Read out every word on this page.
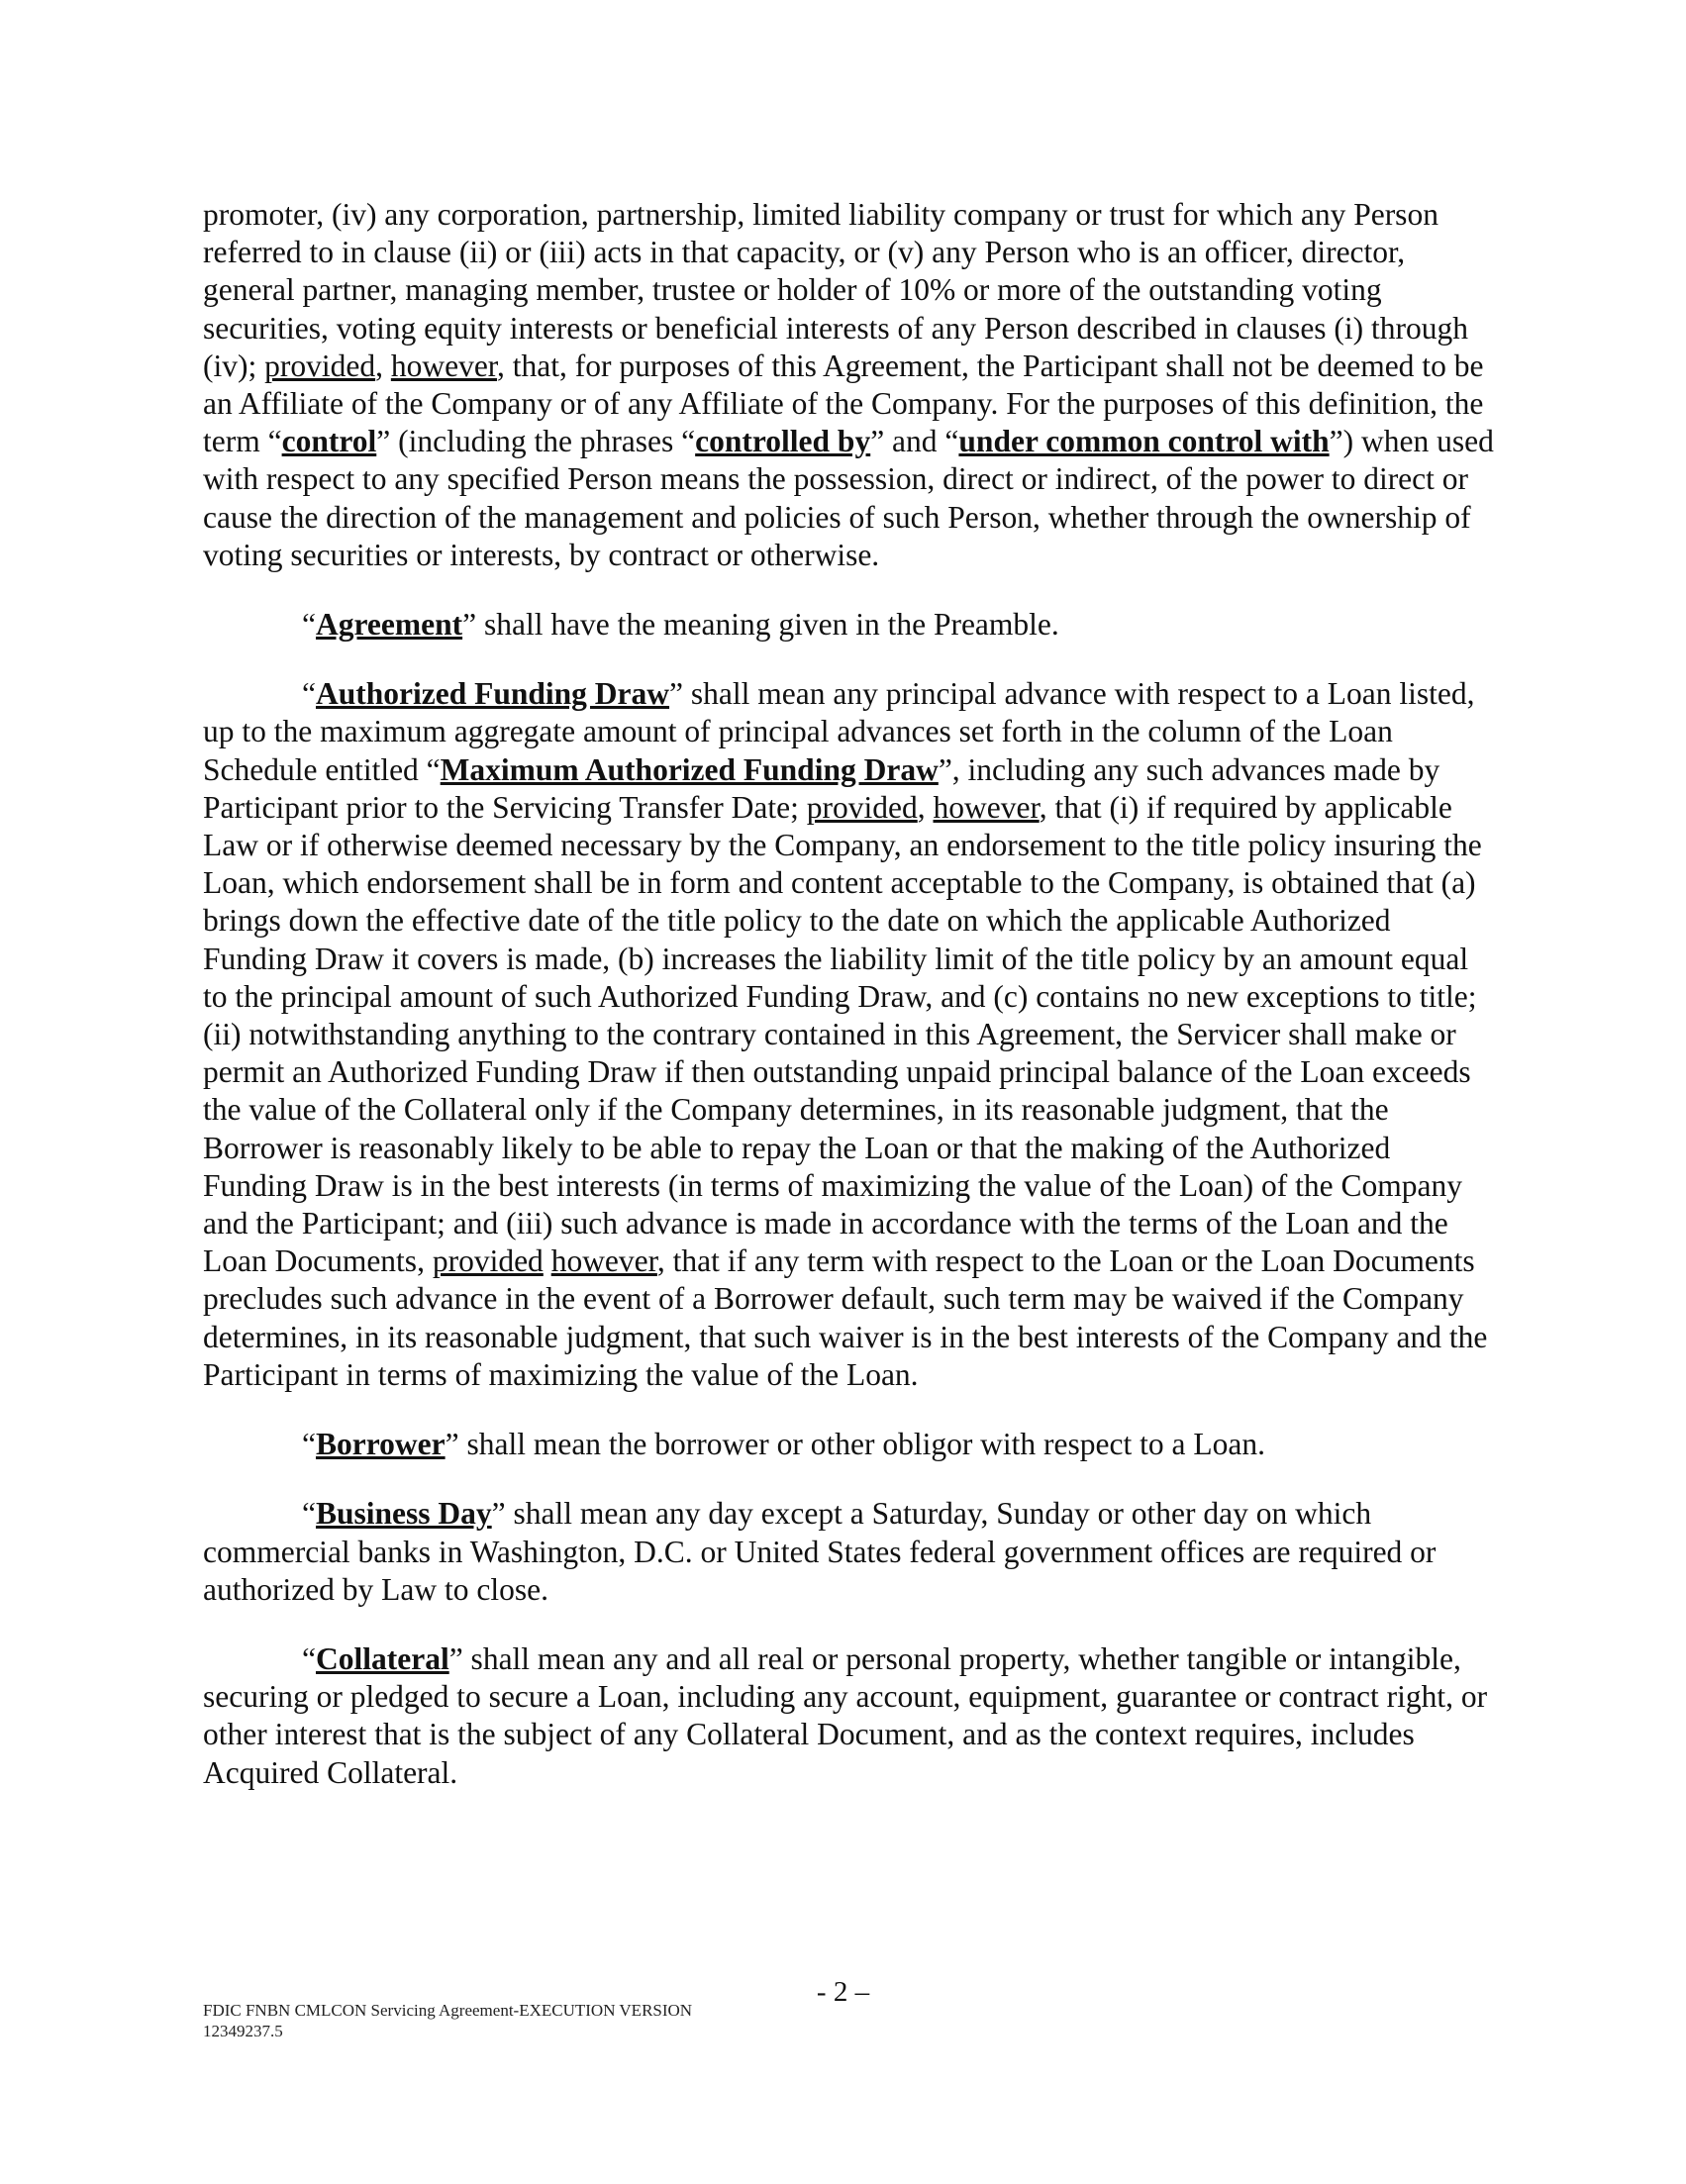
promoter, (iv) any corporation, partnership, limited liability company or trust for which any Person referred to in clause (ii) or (iii) acts in that capacity, or (v) any Person who is an officer, director, general partner, managing member, trustee or holder of 10% or more of the outstanding voting securities, voting equity interests or beneficial interests of any Person described in clauses (i) through (iv); provided, however, that, for purposes of this Agreement, the Participant shall not be deemed to be an Affiliate of the Company or of any Affiliate of the Company. For the purposes of this definition, the term “control” (including the phrases “controlled by” and “under common control with”) when used with respect to any specified Person means the possession, direct or indirect, of the power to direct or cause the direction of the management and policies of such Person, whether through the ownership of voting securities or interests, by contract or otherwise.

“Agreement” shall have the meaning given in the Preamble.

“Authorized Funding Draw” shall mean any principal advance with respect to a Loan listed, up to the maximum aggregate amount of principal advances set forth in the column of the Loan Schedule entitled “Maximum Authorized Funding Draw”, including any such advances made by Participant prior to the Servicing Transfer Date; provided, however, that (i) if required by applicable Law or if otherwise deemed necessary by the Company, an endorsement to the title policy insuring the Loan, which endorsement shall be in form and content acceptable to the Company, is obtained that (a) brings down the effective date of the title policy to the date on which the applicable Authorized Funding Draw it covers is made, (b) increases the liability limit of the title policy by an amount equal to the principal amount of such Authorized Funding Draw, and (c) contains no new exceptions to title; (ii) notwithstanding anything to the contrary contained in this Agreement, the Servicer shall make or permit an Authorized Funding Draw if then outstanding unpaid principal balance of the Loan exceeds the value of the Collateral only if the Company determines, in its reasonable judgment, that the Borrower is reasonably likely to be able to repay the Loan or that the making of the Authorized Funding Draw is in the best interests (in terms of maximizing the value of the Loan) of the Company and the Participant; and (iii) such advance is made in accordance with the terms of the Loan and the Loan Documents, provided however, that if any term with respect to the Loan or the Loan Documents precludes such advance in the event of a Borrower default, such term may be waived if the Company determines, in its reasonable judgment, that such waiver is in the best interests of the Company and the Participant in terms of maximizing the value of the Loan.

“Borrower” shall mean the borrower or other obligor with respect to a Loan.

“Business Day” shall mean any day except a Saturday, Sunday or other day on which commercial banks in Washington, D.C. or United States federal government offices are required or authorized by Law to close.

“Collateral” shall mean any and all real or personal property, whether tangible or intangible, securing or pledged to secure a Loan, including any account, equipment, guarantee or contract right, or other interest that is the subject of any Collateral Document, and as the context requires, includes Acquired Collateral.

- 2 –
FDIC FNBN CMLCON Servicing Agreement-EXECUTION VERSION
12349237.5
